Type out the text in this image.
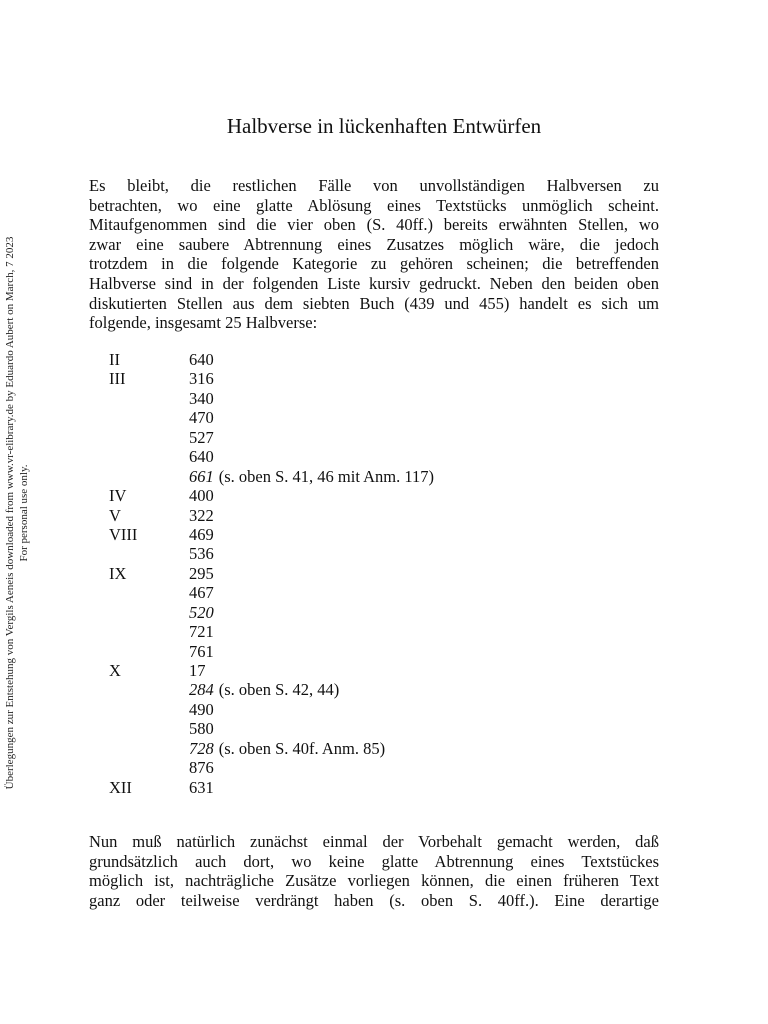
Halbverse in lückenhaften Entwürfen
Es bleibt, die restlichen Fälle von unvollständigen Halbversen zu
betrachten, wo eine glatte Ablösung eines Textstücks unmöglich scheint.
Mitaufgenommen sind die vier oben (S. 40ff.) bereits erwähnten Stellen, wo
zwar eine saubere Abtrennung eines Zusatzes möglich wäre, die jedoch
trotzdem in die folgende Kategorie zu gehören scheinen; die betreffenden
Halbverse sind in der folgenden Liste kursiv gedruckt. Neben den beiden oben
diskutierten Stellen aus dem siebten Buch (439 und 455) handelt es sich um
folgende, insgesamt 25 Halbverse:
II	640
III	316
340
470
527
640
661 (s. oben S. 41, 46 mit Anm. 117)
IV	400
V	322
VIII	469
536
IX	295
467
520
721
761
X	17
284 (s. oben S. 42, 44)
490
580
728 (s. oben S. 40f. Anm. 85)
876
XII	631
Nun muß natürlich zunächst einmal der Vorbehalt gemacht werden, daß
grundsätzlich auch dort, wo keine glatte Abtrennung eines Textstückes
möglich ist, nachträgliche Zusätze vorliegen können, die einen früheren Text
ganz oder teilweise verdrängt haben (s. oben S. 40ff.). Eine derartige
Überlegungen zur Entstehung von Vergils Aeneis downloaded from www.vr-elibrary.de by Eduardo Aubert on March, 7 2023 For personal use only.
